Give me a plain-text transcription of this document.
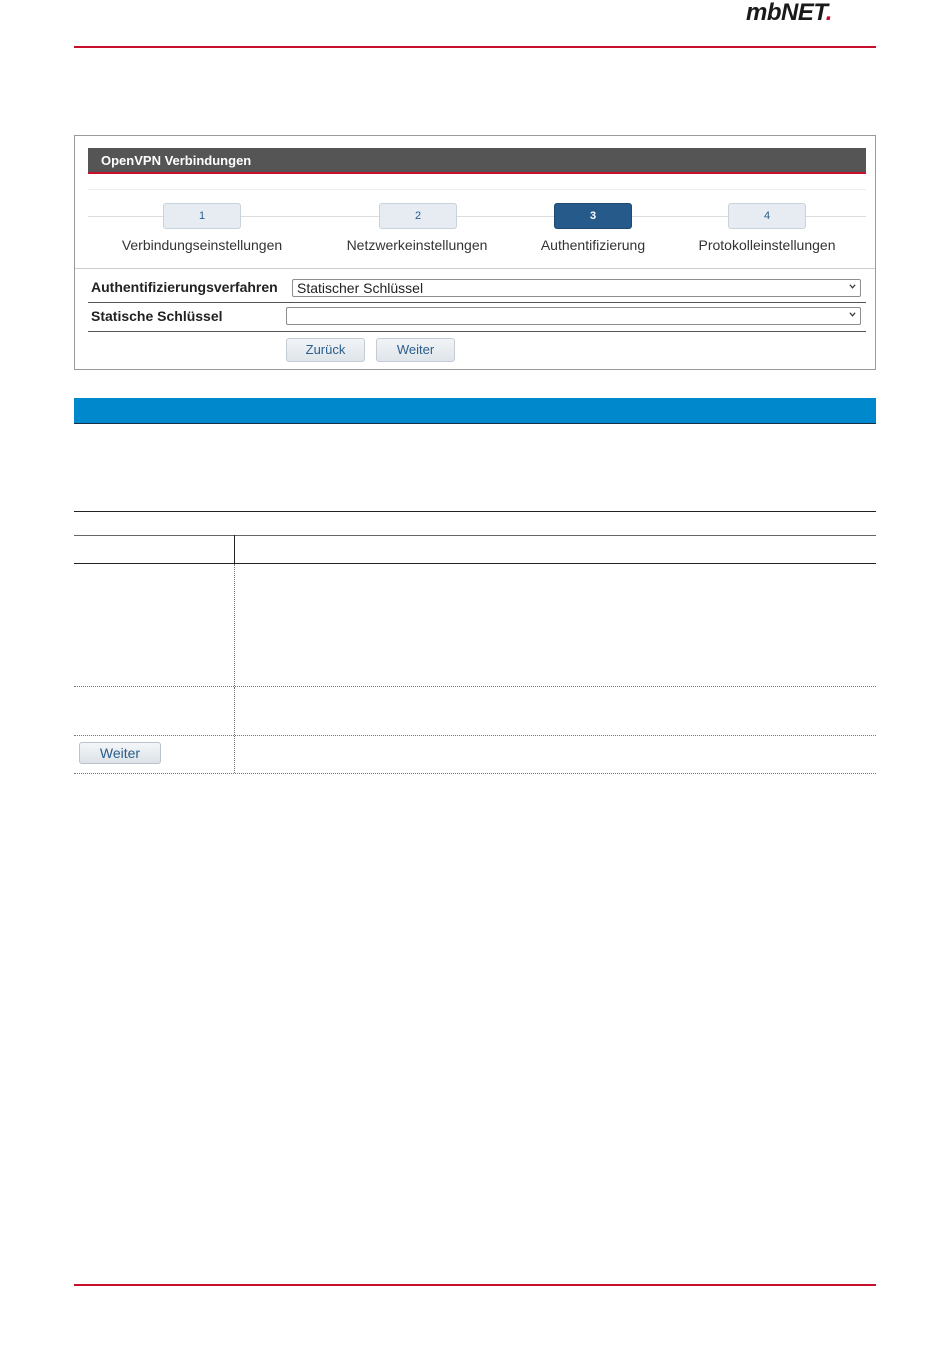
mbNET.
OpenVPN Verbindungen
1	2	3	4
Verbindungseinstellungen	Netzwerkeinstellungen	Authentifizierung	Protokolleinstellungen
Authentifizierungsverfahren	Statischer Schlüssel
Statische Schlüssel
Zurück	Weiter
Weiter
